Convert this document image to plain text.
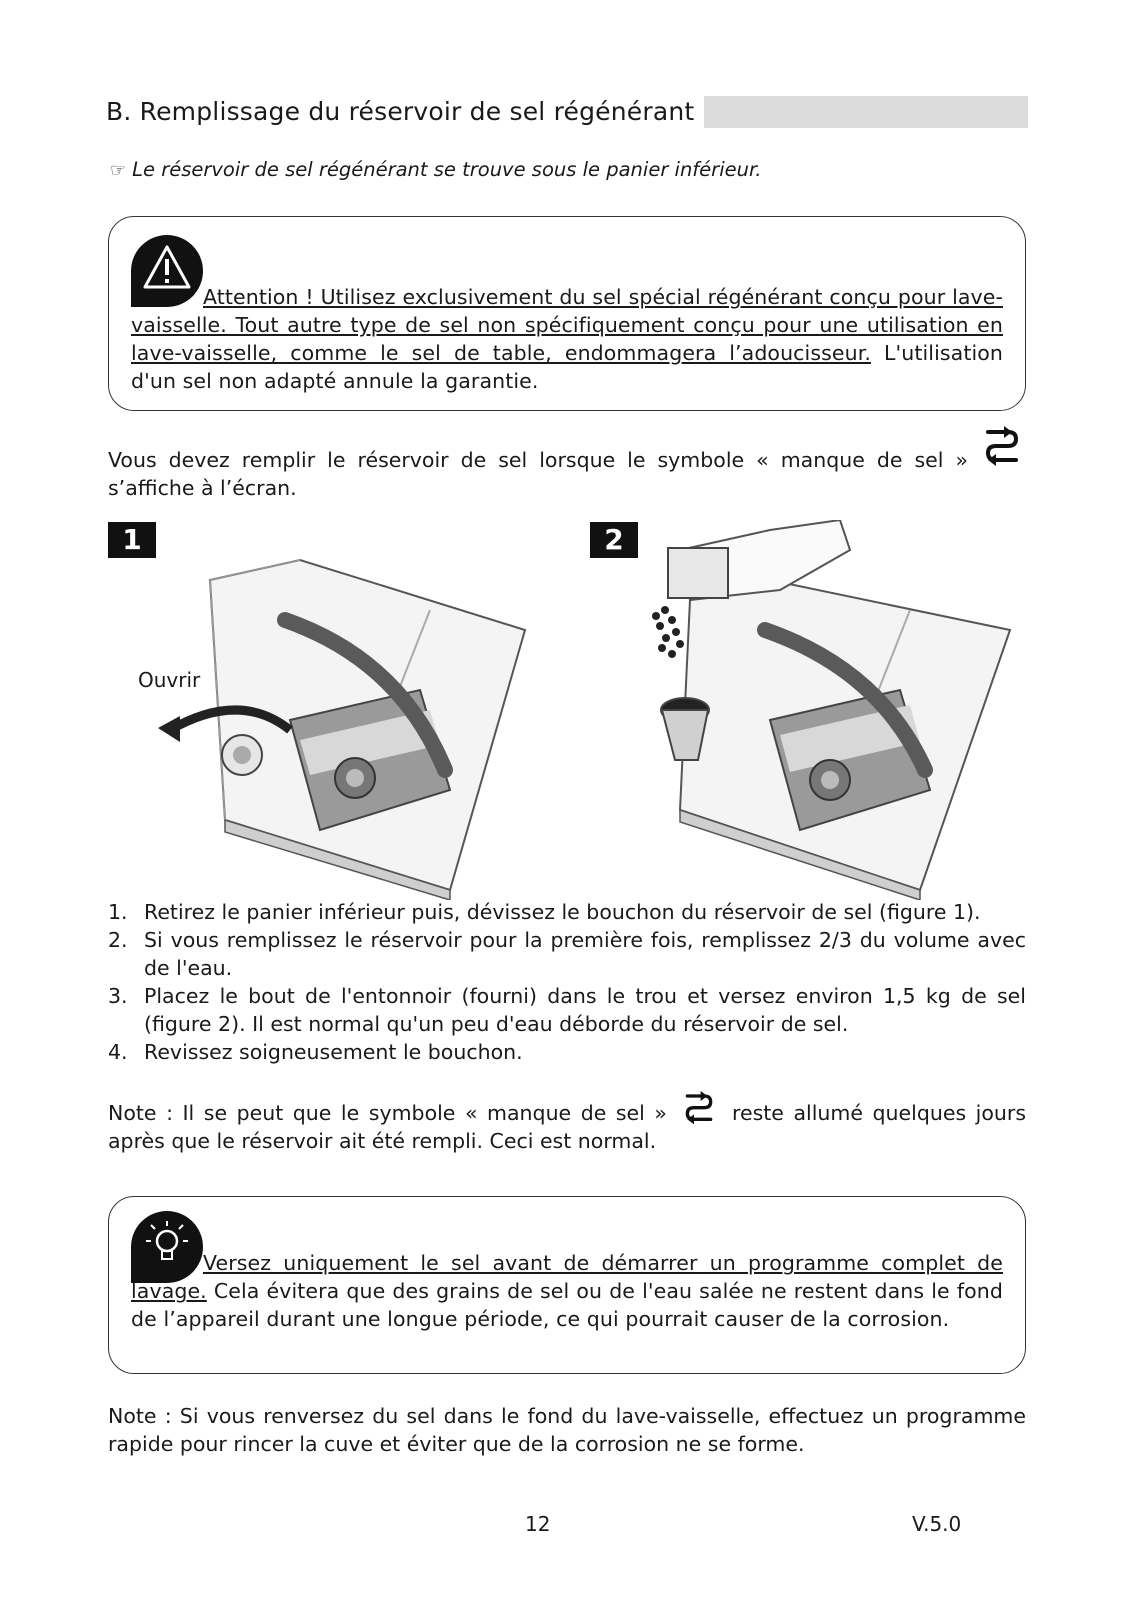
B. Remplissage du réservoir de sel régénérant
☞ Le réservoir de sel régénérant se trouve sous le panier inférieur.
Attention ! Utilisez exclusivement du sel spécial régénérant conçu pour lave-vaisselle. Tout autre type de sel non spécifiquement conçu pour une utilisation en lave-vaisselle, comme le sel de table, endommagera l’adoucisseur. L'utilisation d'un sel non adapté annule la garantie.
Vous devez remplir le réservoir de sel lorsque le symbole « manque de sel » s’affiche à l’écran.
1
Ouvrir
2
1. Retirez le panier inférieur puis, dévissez le bouchon du réservoir de sel (figure 1).
2. Si vous remplissez le réservoir pour la première fois, remplissez 2/3 du volume avec de l'eau.
3. Placez le bout de l'entonnoir (fourni) dans le trou et versez environ 1,5 kg de sel (figure 2). Il est normal qu'un peu d'eau déborde du réservoir de sel.
4. Revissez soigneusement le bouchon.
Note : Il se peut que le symbole « manque de sel »  reste allumé quelques jours après que le réservoir ait été rempli. Ceci est normal.
Versez uniquement le sel avant de démarrer un programme complet de lavage. Cela évitera que des grains de sel ou de l'eau salée ne restent dans le fond de l’appareil durant une longue période, ce qui pourrait causer de la corrosion.
Note : Si vous renversez du sel dans le fond du lave-vaisselle, effectuez un programme rapide pour rincer la cuve et éviter que de la corrosion ne se forme.
12	V.5.0
